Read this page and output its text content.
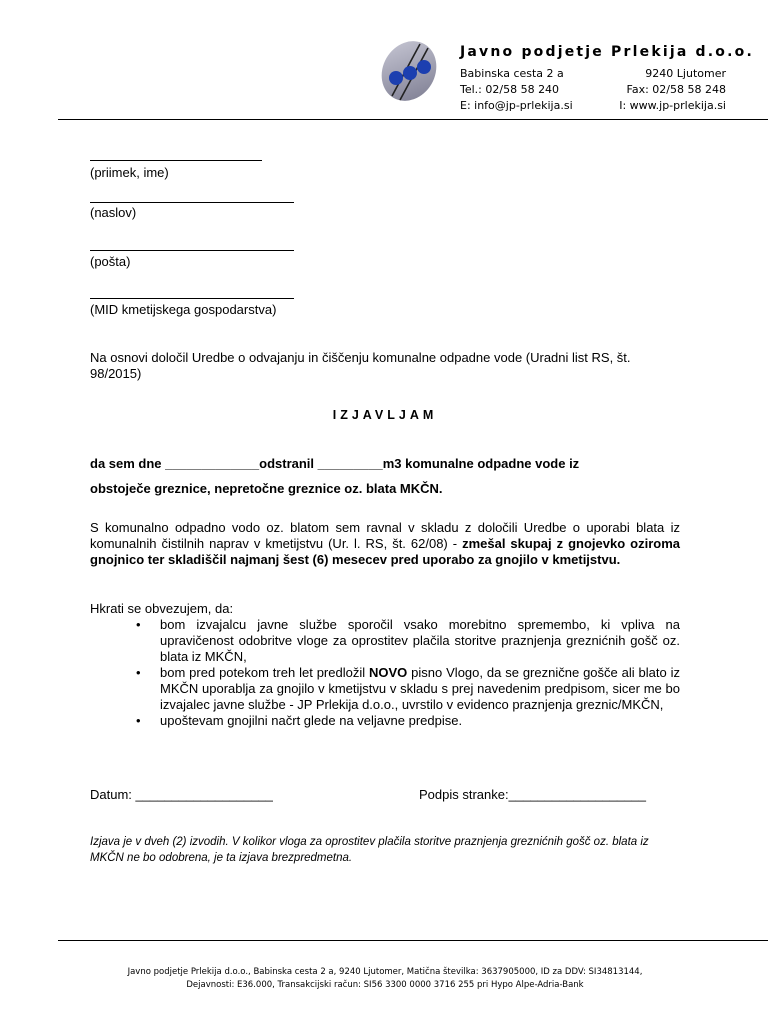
Javno podjetje Prlekija d.o.o.
Babinska cesta 2 a
Tel.: 02/58 58 240
E: info@jp-prlekija.si
9240 Ljutomer
Fax: 02/58 58 248
I: www.jp-prlekija.si
(priimek, ime)
(naslov)
(pošta)
(MID kmetijskega gospodarstva)
Na osnovi določil Uredbe o odvajanju in čiščenju komunalne odpadne vode (Uradni list RS, št. 98/2015)
IZJAVLJAM
da sem dne _____________odstranil _________m3 komunalne odpadne vode iz
obstoječe greznice, nepretočne greznice oz. blata MKČN.
S komunalno odpadno vodo oz. blatom sem ravnal v skladu z določili Uredbe o uporabi blata iz komunalnih čistilnih naprav v kmetijstvu (Ur. l. RS, št. 62/08) - zmešal skupaj z gnojevko oziroma gnojnico ter skladiščil najmanj šest (6) mesecev pred uporabo za gnojilo v kmetijstvu.
Hkrati se obvezujem, da:
• bom izvajalcu javne službe sporočil vsako morebitno spremembo, ki vpliva na upravičenost odobritve vloge za oprostitev plačila storitve praznjenja greznićnih gošč oz. blata iz MKČN,
• bom pred potekom treh let predložil NOVO pisno Vlogo, da se greznične gošče ali blato iz MKČN uporablja za gnojilo v kmetijstvu v skladu s prej navedenim predpisom, sicer me bo izvajalec javne službe - JP Prlekija d.o.o., uvrstilo v evidenco praznjenja greznic/MKČN,
• upoštevam gnojilni načrt glede na veljavne predpise.
Datum: ___________________	Podpis stranke:___________________
Izjava je v dveh (2) izvodih. V kolikor vloga za oprostitev plačila storitve praznjenja greznićnih gošč oz. blata iz MKČN ne bo odobrena, je ta izjava brezpredmetna.
Javno podjetje Prlekija d.o.o., Babinska cesta 2 a, 9240 Ljutomer, Matična številka: 3637905000, ID za DDV: SI34813144,
Dejavnosti: E36.000, Transakcijski račun: SI56 3300 0000 3716 255 pri Hypo Alpe-Adria-Bank
